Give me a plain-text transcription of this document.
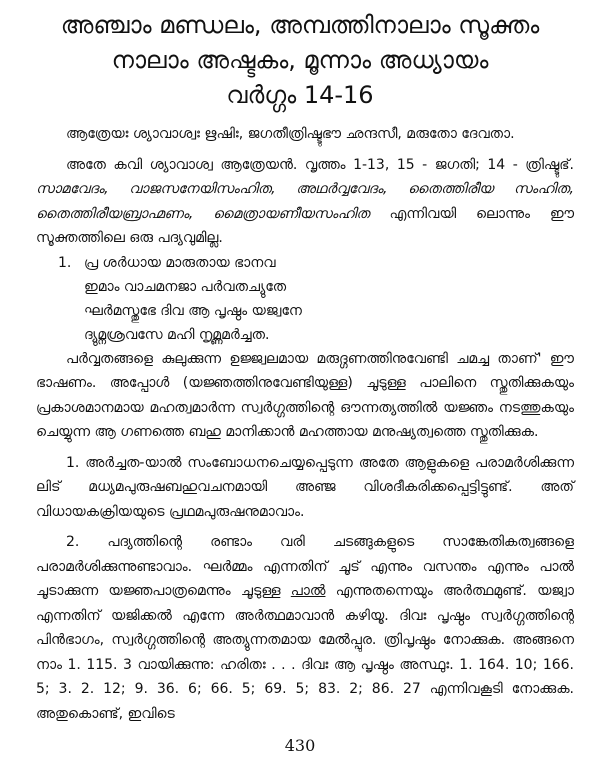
അഞ്ചാം മണ്ഡലം, അമ്പത്തിനാലാം സൂക്തം
നാലാം അഷ്ടകം, മൂന്നാം അധ്യായം
വർഗ്ഗം 14-16

ആത്രേയഃ ശ്യാവാശ്വഃ ഋഷിഃ, ജഗതീത്രിഷ്ടുഭൗ ഛന്ദസീ, മരുതോ ദേവതാ.

അതേ കവി ശ്യാവാശ്വ ആത്രേയൻ. വൃത്തം 1-13, 15 - ജഗതി; 14 - ത്രിഷ്ടുഭ്. സാമവേദം, വാജസനേയിസംഹിത, അഥർവ്വവേദം, തൈത്തിരീയ സംഹിത, തൈത്തിരീയബ്രാഹ്മണം, മൈത്രായണീയസംഹിത എന്നിവയി ലൊന്നും ഈ സൂക്തത്തിലെ ഒരു പദ്യവുമില്ല.

1. പ്ര ശർധായ മാരുതായ ഭാനവ
ഇമാം വാചമനജാ പർവതച്യുതേ
ഘർമസ്തുഭേ ദിവ ആ പൃഷ്ഠം യജ്വനേ
ദ്യുമ്നശ്രവസേ മഹി നൃമ്ണമർച്ചത.

പർവ്വതങ്ങളെ കുലുക്കുന്ന ഉജ്ജ്വലമായ മരുദ്ഗണത്തിനുവേണ്ടി ചമച്ച താണ്' ഈ ഭാഷണം. അപ്പോൾ (യജ്ഞത്തിനുവേണ്ടിയുള്ള) ചൂടുള്ള പാലിനെ സ്തുതിക്കുകയും പ്രകാശമാനമായ മഹത്വമാർന്ന സ്വർഗ്ഗത്തിന്റെ ഔന്നത്യത്തിൽ യജ്ഞം നടത്തുകയും ചെയ്യുന്ന ആ ഗണത്തെ ബഹു മാനിക്കാൻ മഹത്തായ മനുഷ്യത്വത്തെ സ്തുതിക്കുക.

1. അർച്ചത-യാൽ സംബോധനചെയ്യപ്പെടുന്ന അതേ ആളുകളെ പരാമർശിക്കുന്ന ലിട് മധ്യമപുരുഷബഹുവചനമായി അഞ്ജ വിശദീകരിക്കപ്പെട്ടിട്ടുണ്ട്. അത് വിധായകക്രിയയുടെ പ്രഥമപുരുഷനുമാവാം.

2. പദ്യത്തിന്റെ രണ്ടാം വരി ചടങ്ങുകളുടെ സാങ്കേതികത്വങ്ങളെ പരാമർശിക്കുന്നുണ്ടാവാം. ഘർമ്മം എന്നതിന് ചൂട് എന്നും വസന്തം എന്നും പാൽ ചൂടാക്കുന്ന യജ്ഞപാത്രമെന്നും ചൂടുള്ള പാൽ എന്നുതന്നെയും അർത്ഥമുണ്ട്. യജ്വാ എന്നതിന് യജിക്കൽ എന്നേ അർത്ഥമാവാൻ കഴിയൂ. ദിവഃ പൃഷ്ഠം സ്വർഗ്ഗത്തിന്റെ പിൻഭാഗം, സ്വർഗ്ഗത്തിന്റെ അത്യുന്നതമായ മേൽപ്പുര. ത്രിപൃഷ്ഠം നോക്കുക. അങ്ങനെ നാം 1. 115. 3 വായിക്കുന്നു: ഹരിതഃ . . . ദിവഃ ആ പൃഷ്ഠം അസ്ഥുഃ. 1. 164. 10; 166. 5; 3. 2. 12; 9. 36. 6; 66. 5; 69. 5; 83. 2; 86. 27 എന്നിവകൂടി നോക്കുക. അതുകൊണ്ട്, ഇവിടെ

430
